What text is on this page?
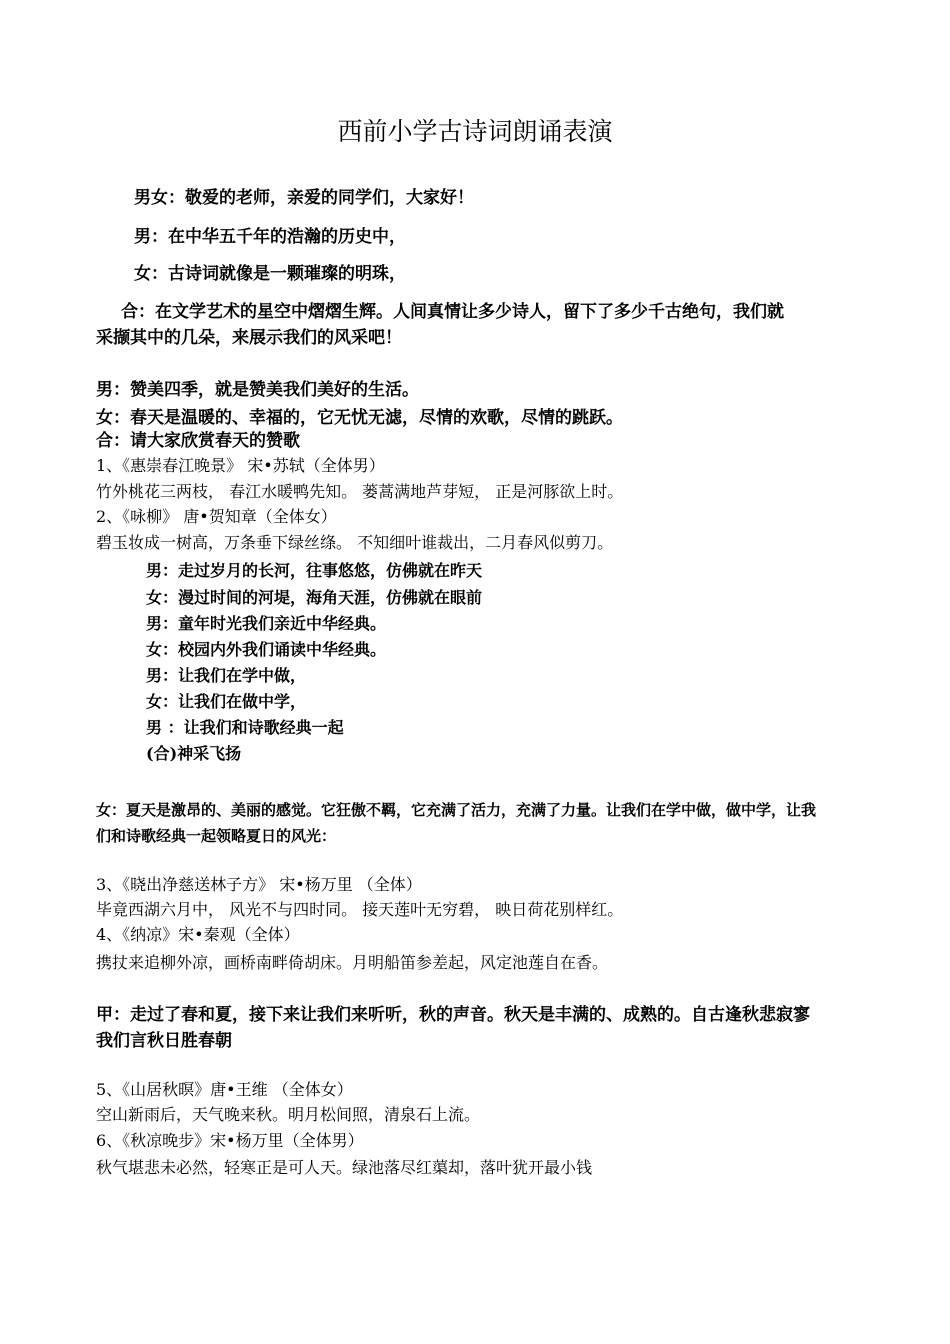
西前小学古诗词朗诵表演
男女：敬爱的老师，亲爱的同学们，大家好！
男：在中华五千年的浩瀚的历史中，
女：古诗词就像是一颗璀璨的明珠，
合：在文学艺术的星空中熠熠生辉。人间真情让多少诗人，留下了多少千古绝句，我们就
采撷其中的几朵，来展示我们的风采吧！
男：赞美四季，就是赞美我们美好的生活。
女：春天是温暖的、幸福的，它无忧无滤，尽情的欢歌，尽情的跳跃。
合：请大家欣赏春天的赞歌
1、《惠崇春江晚景》 宋•苏轼（全体男）
竹外桃花三两枝， 春江水暖鸭先知。 蒌蒿满地芦芽短， 正是河豚欲上时。
2、《咏柳》 唐•贺知章（全体女）
碧玉妆成一树高，万条垂下绿丝绦。 不知细叶谁裁出，二月春风似剪刀。
男：走过岁月的长河，往事悠悠，仿佛就在昨天
女：漫过时间的河堤，海角天涯，仿佛就在眼前
男：童年时光我们亲近中华经典。
女：校园内外我们诵读中华经典。
男：让我们在学中做，
女：让我们在做中学，
男 ：让我们和诗歌经典一起
(合)神采飞扬
女：夏天是激昂的、美丽的感觉。它狂傲不羁，它充满了活力，充满了力量。让我们在学中做，做中学，让我
们和诗歌经典一起领略夏日的风光：
3、《晓出净慈送林子方》 宋•杨万里 （全体）
毕竟西湖六月中， 风光不与四时同。 接天莲叶无穷碧， 映日荷花别样红。
4、《纳凉》宋•秦观（全体）
携扙来追柳外凉，画桥南畔倚胡床。月明船笛参差起，风定池莲自在香。
甲：走过了春和夏，接下来让我们来听听，秋的声音。秋天是丰满的、成熟的。自古逢秋悲寂寥
我们言秋日胜春朝
5、《山居秋暝》唐•王维 （全体女）
空山新雨后，天气晚来秋。明月松间照，清泉石上流。
6、《秋凉晚步》宋•杨万里（全体男）
秋气堪悲未必然，轻寒正是可人天。绿池落尽红蕖却，落叶犹开最小钱
